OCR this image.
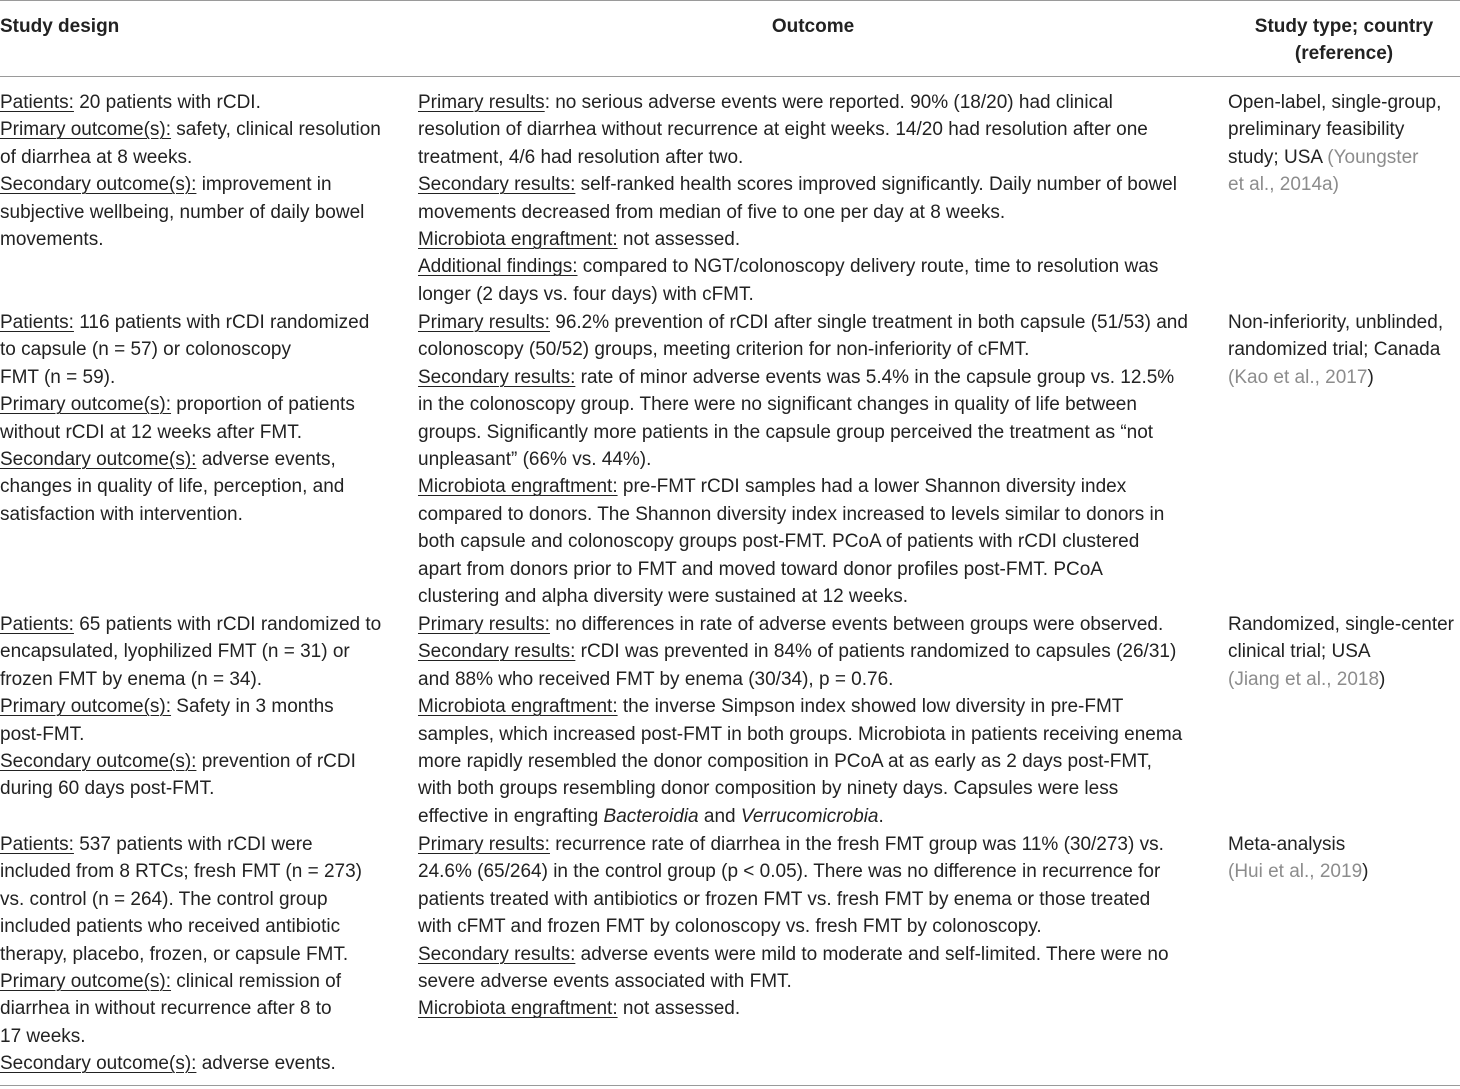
Study design	Outcome	Study type; country
(reference)
Patients: 20 patients with rCDI.
Primary outcome(s): safety, clinical resolution
of diarrhea at 8 weeks.
Secondary outcome(s): improvement in
subjective wellbeing, number of daily bowel
movements.
Primary results: no serious adverse events were reported. 90% (18/20) had clinical
resolution of diarrhea without recurrence at eight weeks. 14/20 had resolution after one
treatment, 4/6 had resolution after two.
Secondary results: self-ranked health scores improved significantly. Daily number of bowel
movements decreased from median of five to one per day at 8 weeks.
Microbiota engraftment: not assessed.
Additional findings: compared to NGT/colonoscopy delivery route, time to resolution was
longer (2 days vs. four days) with cFMT.
Open-label, single-group,
preliminary feasibility
study; USA (Youngster
et al., 2014a)
Patients: 116 patients with rCDI randomized
to capsule (n = 57) or colonoscopy
FMT (n = 59).
Primary outcome(s): proportion of patients
without rCDI at 12 weeks after FMT.
Secondary outcome(s): adverse events,
changes in quality of life, perception, and
satisfaction with intervention.
Primary results: 96.2% prevention of rCDI after single treatment in both capsule (51/53) and
colonoscopy (50/52) groups, meeting criterion for non-inferiority of cFMT.
Secondary results: rate of minor adverse events was 5.4% in the capsule group vs. 12.5%
in the colonoscopy group. There were no significant changes in quality of life between
groups. Significantly more patients in the capsule group perceived the treatment as “not
unpleasant” (66% vs. 44%).
Microbiota engraftment: pre-FMT rCDI samples had a lower Shannon diversity index
compared to donors. The Shannon diversity index increased to levels similar to donors in
both capsule and colonoscopy groups post-FMT. PCoA of patients with rCDI clustered
apart from donors prior to FMT and moved toward donor profiles post-FMT. PCoA
clustering and alpha diversity were sustained at 12 weeks.
Non-inferiority, unblinded,
randomized trial; Canada
(Kao et al., 2017)
Patients: 65 patients with rCDI randomized to
encapsulated, lyophilized FMT (n = 31) or
frozen FMT by enema (n = 34).
Primary outcome(s): Safety in 3 months
post-FMT.
Secondary outcome(s): prevention of rCDI
during 60 days post-FMT.
Primary results: no differences in rate of adverse events between groups were observed.
Secondary results: rCDI was prevented in 84% of patients randomized to capsules (26/31)
and 88% who received FMT by enema (30/34), p = 0.76.
Microbiota engraftment: the inverse Simpson index showed low diversity in pre-FMT
samples, which increased post-FMT in both groups. Microbiota in patients receiving enema
more rapidly resembled the donor composition in PCoA at as early as 2 days post-FMT,
with both groups resembling donor composition by ninety days. Capsules were less
effective in engrafting Bacteroidia and Verrucomicrobia.
Randomized, single-center
clinical trial; USA
(Jiang et al., 2018)
Patients: 537 patients with rCDI were
included from 8 RTCs; fresh FMT (n = 273)
vs. control (n = 264). The control group
included patients who received antibiotic
therapy, placebo, frozen, or capsule FMT.
Primary outcome(s): clinical remission of
diarrhea in without recurrence after 8 to
17 weeks.
Secondary outcome(s): adverse events.
Primary results: recurrence rate of diarrhea in the fresh FMT group was 11% (30/273) vs.
24.6% (65/264) in the control group (p < 0.05). There was no difference in recurrence for
patients treated with antibiotics or frozen FMT vs. fresh FMT by enema or those treated
with cFMT and frozen FMT by colonoscopy vs. fresh FMT by colonoscopy.
Secondary results: adverse events were mild to moderate and self-limited. There were no
severe adverse events associated with FMT.
Microbiota engraftment: not assessed.
Meta-analysis
(Hui et al., 2019)
